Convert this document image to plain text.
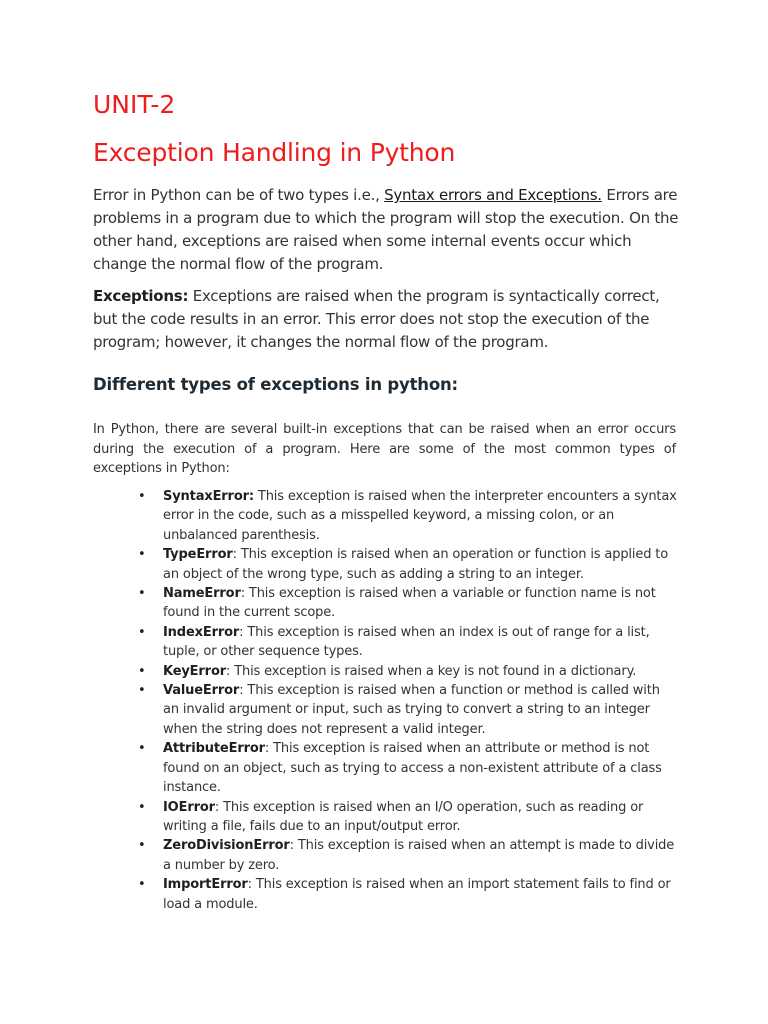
UNIT-2
Exception Handling in Python

Error in Python can be of two types i.e., Syntax errors and Exceptions. Errors are problems in a program due to which the program will stop the execution. On the other hand, exceptions are raised when some internal events occur which change the normal flow of the program.

Exceptions: Exceptions are raised when the program is syntactically correct, but the code results in an error. This error does not stop the execution of the program; however, it changes the normal flow of the program.

Different types of exceptions in python:

In Python, there are several built-in exceptions that can be raised when an error occurs during the execution of a program. Here are some of the most common types of exceptions in Python:

• SyntaxError: This exception is raised when the interpreter encounters a syntax error in the code, such as a misspelled keyword, a missing colon, or an unbalanced parenthesis.
• TypeError: This exception is raised when an operation or function is applied to an object of the wrong type, such as adding a string to an integer.
• NameError: This exception is raised when a variable or function name is not found in the current scope.
• IndexError: This exception is raised when an index is out of range for a list, tuple, or other sequence types.
• KeyError: This exception is raised when a key is not found in a dictionary.
• ValueError: This exception is raised when a function or method is called with an invalid argument or input, such as trying to convert a string to an integer when the string does not represent a valid integer.
• AttributeError: This exception is raised when an attribute or method is not found on an object, such as trying to access a non-existent attribute of a class instance.
• IOError: This exception is raised when an I/O operation, such as reading or writing a file, fails due to an input/output error.
• ZeroDivisionError: This exception is raised when an attempt is made to divide a number by zero.
• ImportError: This exception is raised when an import statement fails to find or load a module.
